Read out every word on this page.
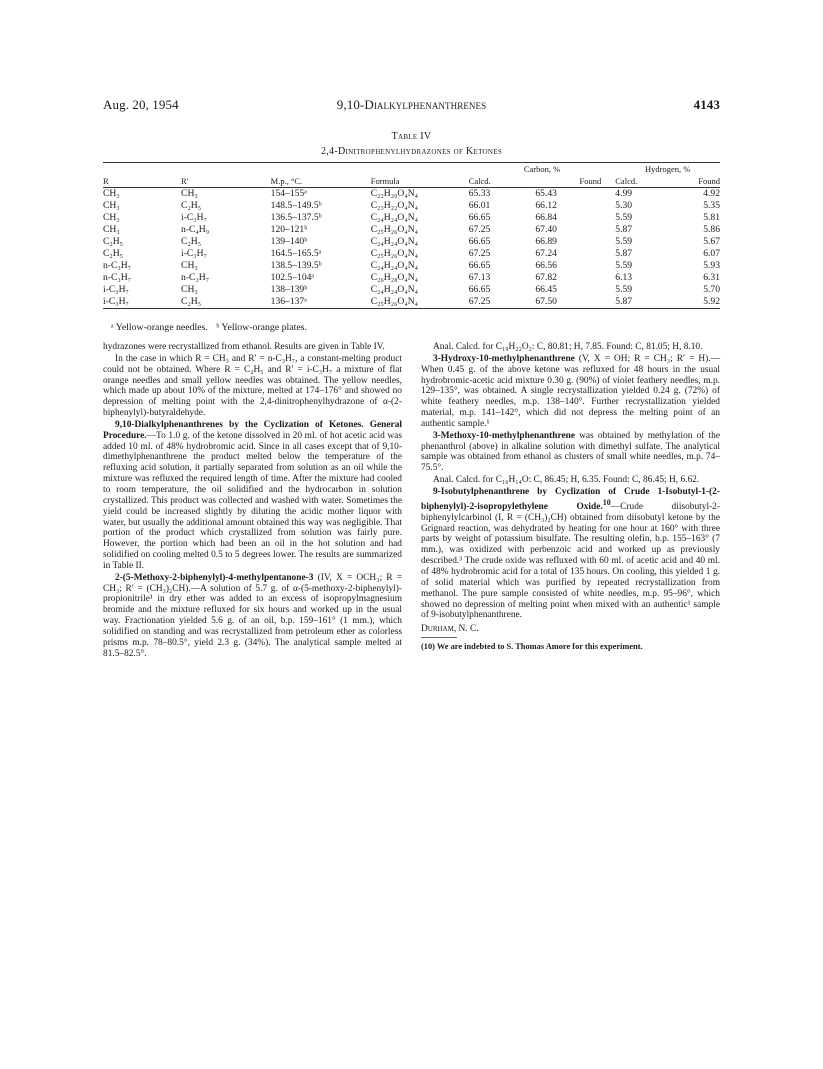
Aug. 20, 1954	9,10-Dialkylphenanthrenes	4143
Table IV
2,4-Dinitrophenylhydrazones of Ketones
				Carbon, %		Hydrogen, %	
R	R′	M.p., °C.	Formula	Calcd.	Found	Calcd.	Found
CH₃	CH₃	154–155ᵃ	C₂₂H₂₀O₄N₄	65.33	65.43	4.99	4.92
CH₃	C₂H₅	148.5–149.5ᵇ	C₂₃H₂₂O₄N₄	66.01	66.12	5.30	5.35
CH₃	i-C₃H₇	136.5–137.5ᵇ	C₂₄H₂₄O₄N₄	66.65	66.84	5.59	5.81
CH₃	n-C₄H₉	120–121ᵇ	C₂₅H₂₆O₄N₄	67.25	67.40	5.87	5.86
C₂H₅	C₂H₅	139–140ᵇ	C₂₄H₂₄O₄N₄	66.65	66.89	5.59	5.67
C₂H₅	i-C₃H₇	164.5–165.5ᵃ	C₂₅H₂₆O₄N₄	67.25	67.24	5.87	6.07
n-C₃H₇	CH₃	138.5–139.5ᵇ	C₂₄H₂₄O₄N₄	66.65	66.56	5.59	5.93
n-C₃H₇	n-C₃H₇	102.5–104ᵃ	C₂₆H₂₈O₄N₄	67.13	67.82	6.13	6.31
i-C₃H₇	CH₃	138–139ᵇ	C₂₄H₂₄O₄N₄	66.65	66.45	5.59	5.70
i-C₃H₇	C₂H₅	136–137ᵃ	C₂₅H₂₆O₄N₄	67.25	67.50	5.87	5.92
ᵃ Yellow-orange needles. ᵇ Yellow-orange plates.

hydrazones were recrystallized from ethanol. Results are given in Table IV.

In the case in which R = CH₃ and R′ = n-C₃H₇, a constant-melting product could not be obtained. Where R = C₂H₅ and R′ = i-C₃H₇ a mixture of flat orange needles and small yellow needles was obtained. The yellow needles, which made up about 10% of the mixture, melted at 174–176° and showed no depression of melting point with the 2,4-dinitrophenylhydrazone of α-(2-biphenylyl)-butyraldehyde.

9,10-Dialkylphenanthrenes by the Cyclization of Ketones. General Procedure.—To 1.0 g. of the ketone dissolved in 20 ml. of hot acetic acid was added 10 ml. of 48% hydrobromic acid. Since in all cases except that of 9,10-dimethylphenanthrene the product melted below the temperature of the refluxing acid solution, it partially separated from solution as an oil while the mixture was refluxed the required length of time. After the mixture had cooled to room temperature, the oil solidified and the hydrocarbon in solution crystallized. This product was collected and washed with water. Sometimes the yield could be increased slightly by diluting the acidic mother liquor with water, but usually the additional amount obtained this way was negligible. That portion of the product which crystallized from solution was fairly pure. However, the portion which had been an oil in the hot solution and had solidified on cooling melted 0.5 to 5 degrees lower. The results are summarized in Table II.

2-(5-Methoxy-2-biphenylyl)-4-methylpentanone-3 (IV, X = OCH₃; R = CH₃; R′ = (CH₃)₂CH).—A solution of 5.7 g. of α-(5-methoxy-2-biphenylyl)-propionitrile¹ in dry ether was added to an excess of isopropylmagnesium bromide and the mixture refluxed for six hours and worked up in the usual way. Fractionation yielded 5.6 g. of an oil, b.p. 159–161° (1 mm.), which solidified on standing and was recrystallized from petroleum ether as colorless prisms m.p. 78–80.5°, yield 2.3 g. (34%). The analytical sample melted at 81.5–82.5°.

Anal. Calcd. for C₁₉H₂₂O₂: C, 80.81; H, 7.85. Found: C, 81.05; H, 8.10.

3-Hydroxy-10-methylphenanthrene (V, X = OH; R = CH₃; R′ = H).—When 0.45 g. of the above ketone was refluxed for 48 hours in the usual hydrobromic-acetic acid mixture 0.30 g. (90%) of violet feathery needles, m.p. 129–135°, was obtained. A single recrystallization yielded 0.24 g. (72%) of white feathery needles, m.p. 138–140°. Further recrystallization yielded material, m.p. 141–142°, which did not depress the melting point of an authentic sample.¹

3-Methoxy-10-methylphenanthrene was obtained by methylation of the phenanthrol (above) in alkaline solution with dimethyl sulfate. The analytical sample was obtained from ethanol as clusters of small white needles, m.p. 74–75.5°.

Anal. Calcd. for C₁₆H₁₄O: C, 86.45; H, 6.35. Found: C, 86.45; H, 6.62.

9-Isobutylphenanthrene by Cyclization of Crude 1-Isobutyl-1-(2-biphenylyl)-2-isopropylethylene Oxide.$^{10}$—Crude diisobutyl-2-biphenylylcarbinol (I, R = (CH₃)₂CH) obtained from diisobutyl ketone by the Grignard reaction, was dehydrated by heating for one hour at 160° with three parts by weight of potassium bisulfate. The resulting olefin, b.p. 155–163° (7 mm.), was oxidized with perbenzoic acid and worked up as previously described.³ The crude oxide was refluxed with 60 ml. of acetic acid and 40 ml. of 48% hydrobromic acid for a total of 135 hours. On cooling, this yielded 1 g. of solid material which was purified by repeated recrystallization from methanol. The pure sample consisted of white needles, m.p. 95–96°, which showed no depression of melting point when mixed with an authentic¹ sample of 9-isobutylphenanthrene.

Durham, N. C.

(10) We are indebted to S. Thomas Amore for this experiment.
